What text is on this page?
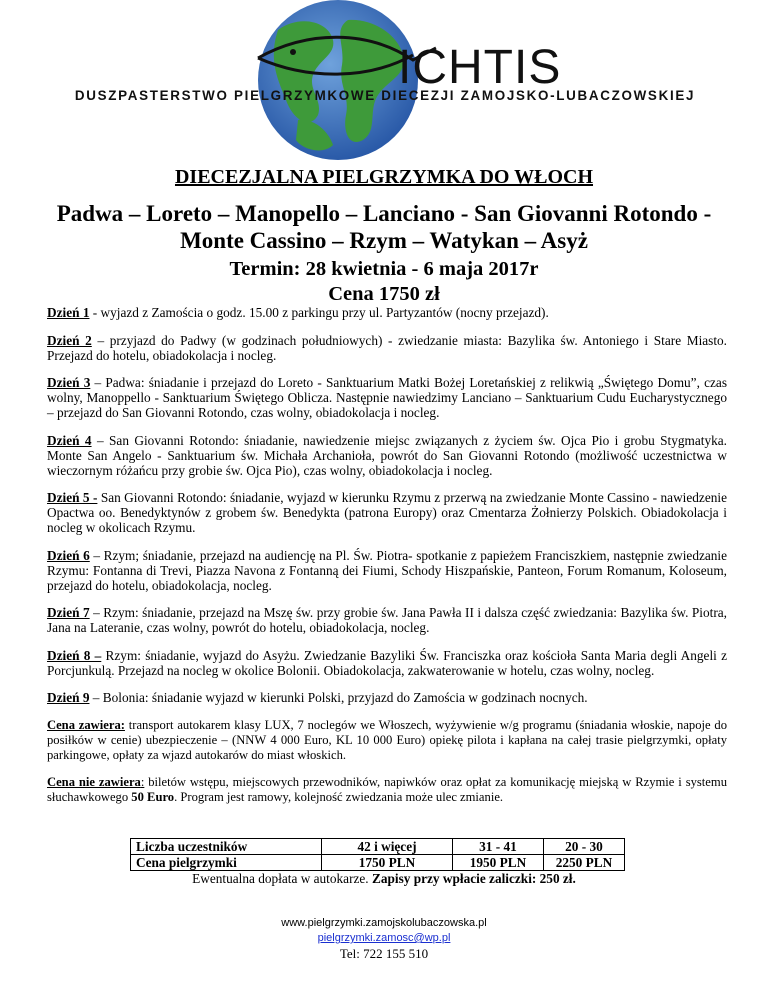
ICHTIS
DUSZPASTERSTWO PIELGRZYMKOWE DIECEZJI ZAMOJSKO-LUBACZOWSKIEJ
DIECEZJALNA PIELGRZYMKA DO WŁOCH
Padwa – Loreto – Manopello – Lanciano - San Giovanni Rotondo -
Monte Cassino – Rzym – Watykan – Asyż
Termin: 28 kwietnia - 6 maja 2017r
Cena 1750 zł

Dzień 1 - wyjazd z Zamościa o godz. 15.00 z parkingu przy ul. Partyzantów (nocny przejazd).

Dzień 2 – przyjazd do Padwy (w godzinach południowych) - zwiedzanie miasta: Bazylika św. Antoniego i Stare Miasto. Przejazd do hotelu, obiadokolacja i nocleg.

Dzień 3 – Padwa: śniadanie i przejazd do Loreto - Sanktuarium Matki Bożej Loretańskiej z relikwią „Świętego Domu”, czas wolny, Manoppello - Sanktuarium Świętego Oblicza. Następnie nawiedzimy Lanciano – Sanktuarium Cudu Eucharystycznego – przejazd do San Giovanni Rotondo, czas wolny, obiadokolacja i nocleg.

Dzień 4 – San Giovanni Rotondo: śniadanie, nawiedzenie miejsc związanych z życiem św. Ojca Pio i grobu Stygmatyka. Monte San Angelo - Sanktuarium św. Michała Archanioła, powrót do San Giovanni Rotondo (możliwość uczestnictwa w wieczornym różańcu przy grobie św. Ojca Pio), czas wolny, obiadokolacja i nocleg.

Dzień 5 - San Giovanni Rotondo: śniadanie, wyjazd w kierunku Rzymu z przerwą na zwiedzanie Monte Cassino - nawiedzenie Opactwa oo. Benedyktynów z grobem św. Benedykta (patrona Europy) oraz Cmentarza Żołnierzy Polskich. Obiadokolacja i nocleg w okolicach Rzymu.

Dzień 6 – Rzym; śniadanie, przejazd na audiencję na Pl. Św. Piotra- spotkanie z papieżem Franciszkiem, następnie zwiedzanie Rzymu: Fontanna di Trevi, Piazza Navona z Fontanną dei Fiumi, Schody Hiszpańskie, Panteon, Forum Romanum, Koloseum, przejazd do hotelu, obiadokolacja, nocleg.

Dzień 7 – Rzym: śniadanie, przejazd na Mszę św. przy grobie św. Jana Pawła II i dalsza część zwiedzania: Bazylika św. Piotra, Jana na Lateranie, czas wolny, powrót do hotelu, obiadokolacja, nocleg.

Dzień 8 – Rzym: śniadanie, wyjazd do Asyżu. Zwiedzanie Bazyliki Św. Franciszka oraz kościoła Santa Maria degli Angeli z Porcjunkulą. Przejazd na nocleg w okolice Bolonii. Obiadokolacja, zakwaterowanie w hotelu, czas wolny, nocleg.

Dzień 9 – Bolonia: śniadanie wyjazd w kierunki Polski, przyjazd do Zamościa w godzinach nocnych.

Cena zawiera: transport autokarem klasy LUX, 7 noclegów we Włoszech, wyżywienie w/g programu (śniadania włoskie, napoje do posiłków w cenie) ubezpieczenie – (NNW 4 000 Euro, KL 10 000 Euro) opiekę pilota i kapłana na całej trasie pielgrzymki, opłaty parkingowe, opłaty za wjazd autokarów do miast włoskich.

Cena nie zawiera: biletów wstępu, miejscowych przewodników, napiwków oraz opłat za komunikację miejską w Rzymie i systemu słuchawkowego 50 Euro. Program jest ramowy, kolejność zwiedzania może ulec zmianie.

Liczba uczestników	42 i więcej	31 - 41	20 - 30
Cena pielgrzymki	1750 PLN	1950 PLN	2250 PLN
Ewentualna dopłata w autokarze. Zapisy przy wpłacie zaliczki: 250 zł.
www.pielgrzymki.zamojskolubaczowska.pl
pielgrzymki.zamosc@wp.pl
Tel: 722 155 510
